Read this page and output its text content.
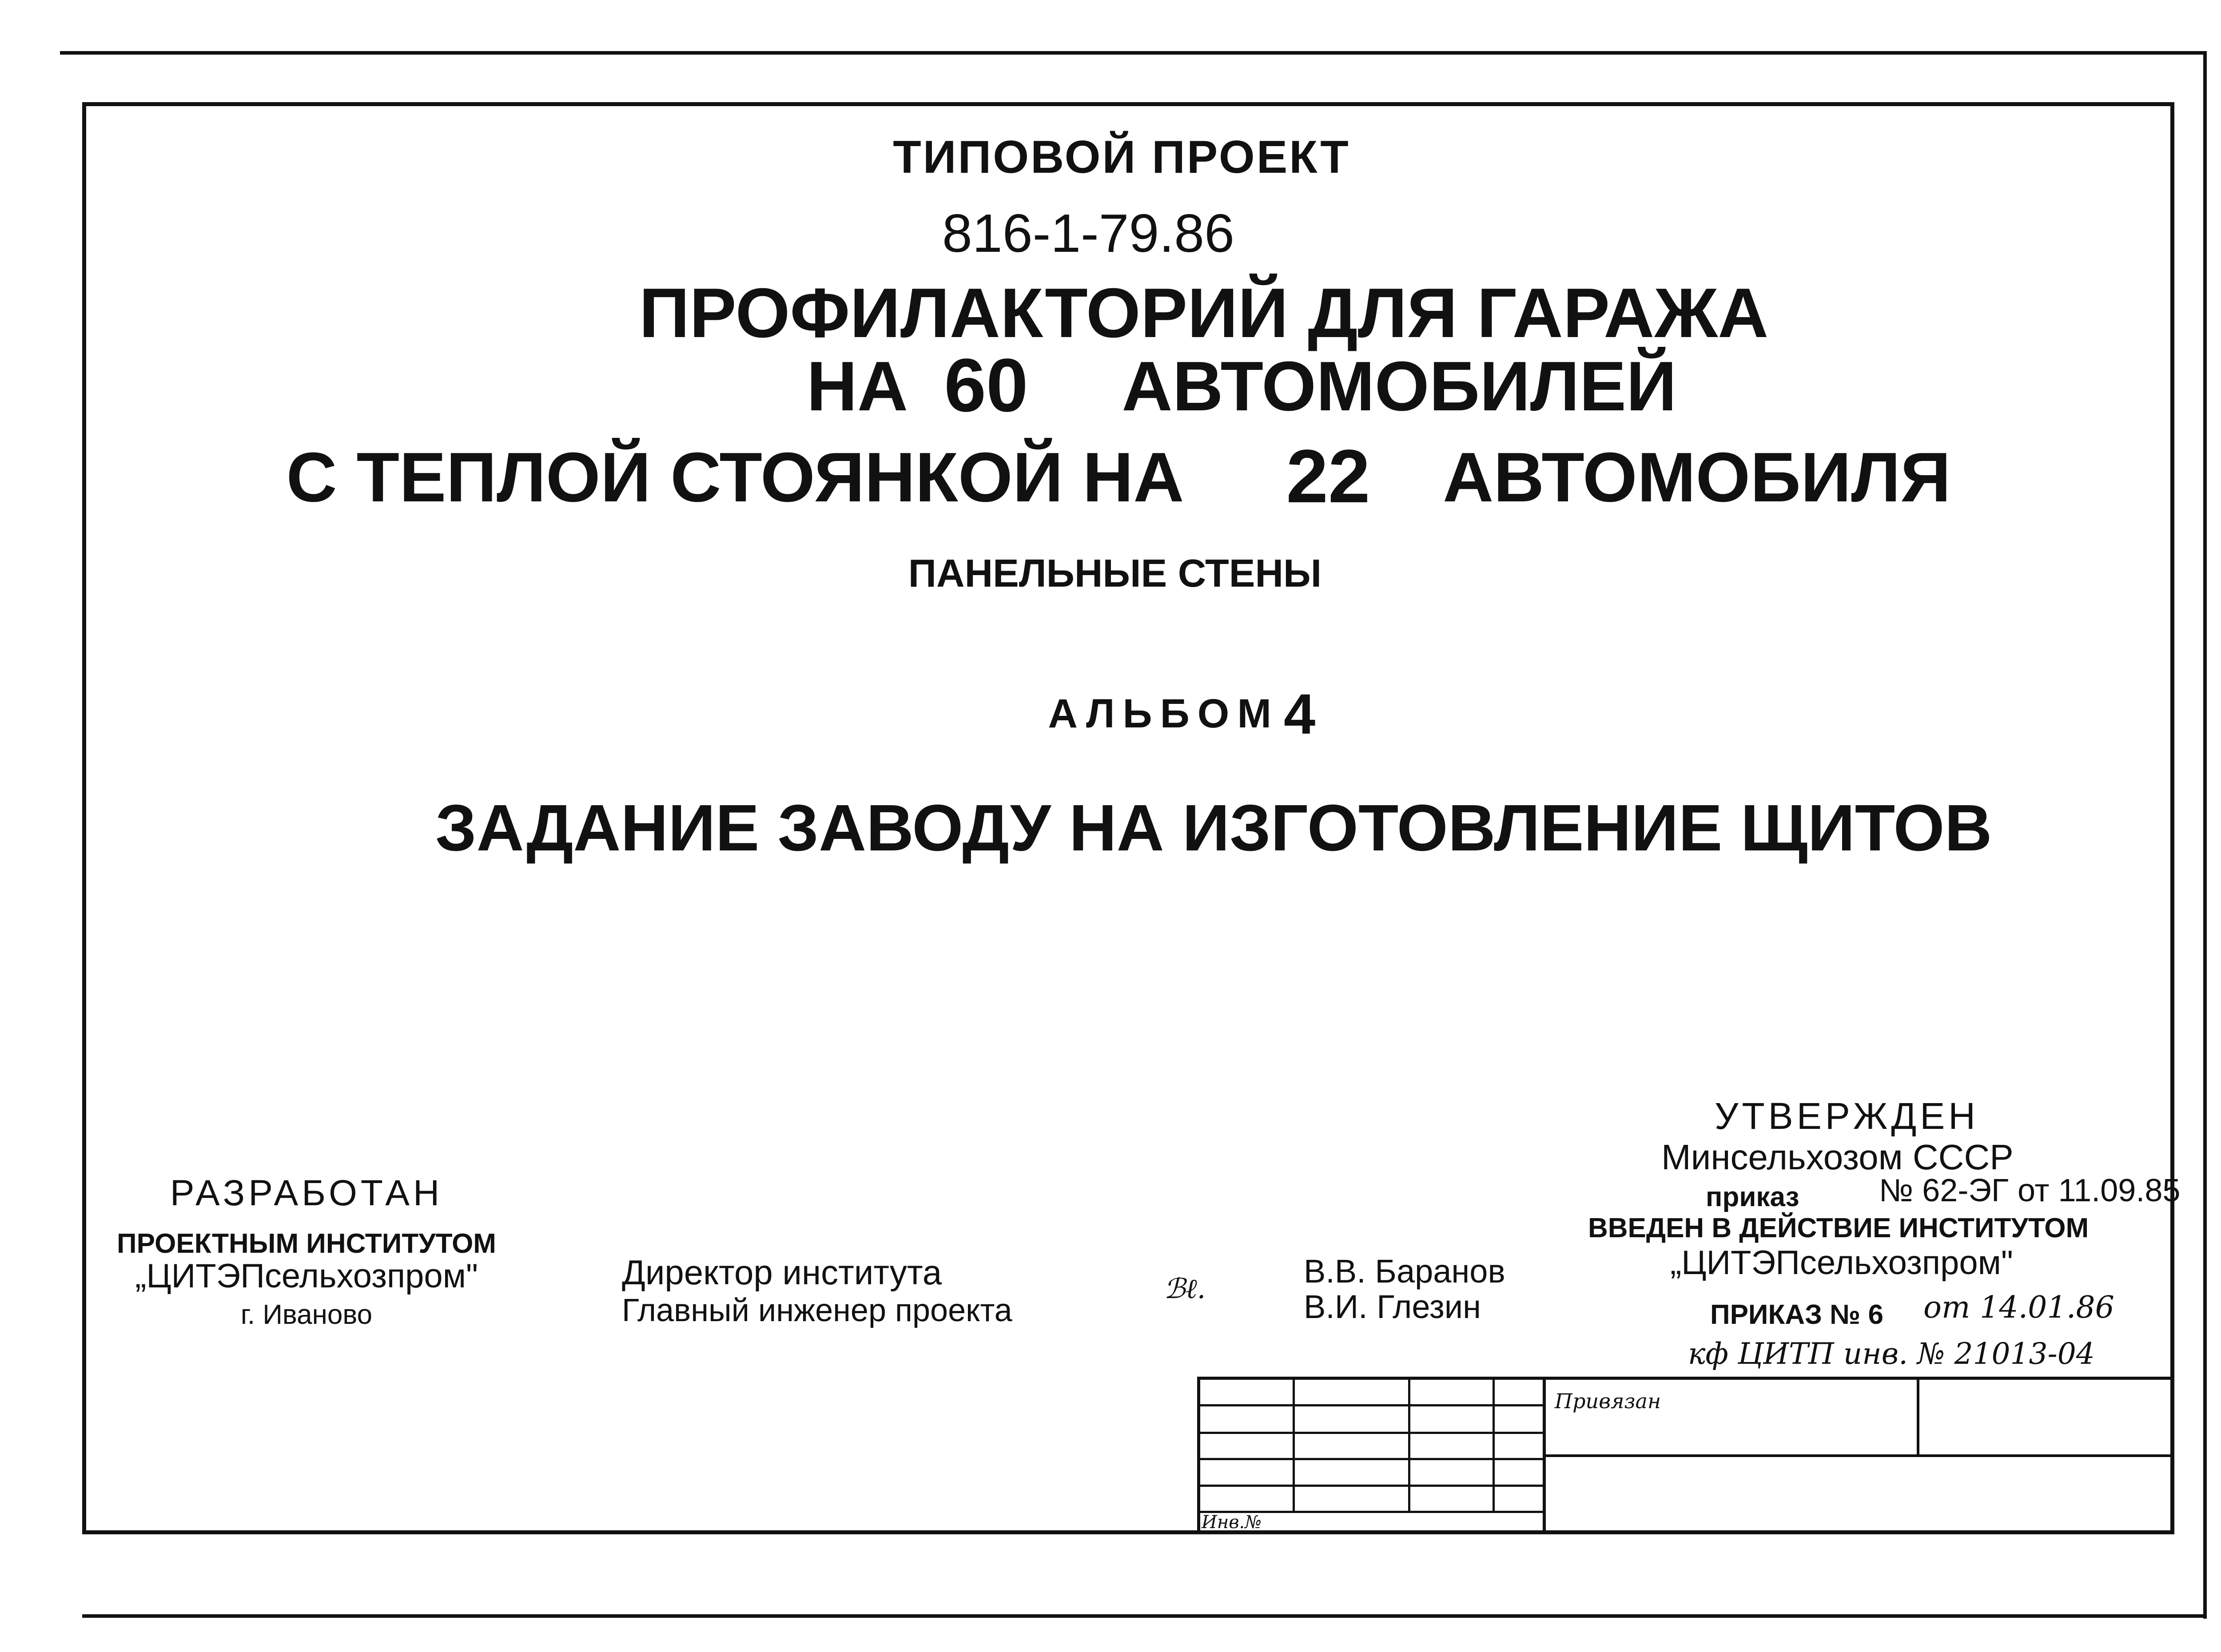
ТИПОВОЙ ПРОЕКТ
816-1-79.86
ПРОФИЛАКТОРИЙ ДЛЯ ГАРАЖА
НА 60	АВТОМОБИЛЕЙ
С ТЕПЛОЙ СТОЯНКОЙ НА	22	АВТОМОБИЛЯ
ПАНЕЛЬНЫЕ СТЕНЫ
АЛЬБОМ 4
ЗАДАНИЕ ЗАВОДУ НА ИЗГОТОВЛЕНИЕ ЩИТОВ
РАЗРАБОТАН
ПРОЕКТНЫМ ИНСТИТУТОМ
„ЦИТЭПсельхозпром"
г. Иваново
Директор института
Главный инженер проекта
ℬℓ.	В.В. Баранов
В.И. Глезин
УТВЕРЖДЕН
Минсельхозом СССР
приказ № 62-ЭГ от 11.09.85
ВВЕДЕН В ДЕЙСТВИЕ ИНСТИТУТОМ
„ЦИТЭПсельхозпром"
ПРИКАЗ № 6 от 14.01.86
кф ЦИТП инв. № 21013-04
Привязан
Инв.№
